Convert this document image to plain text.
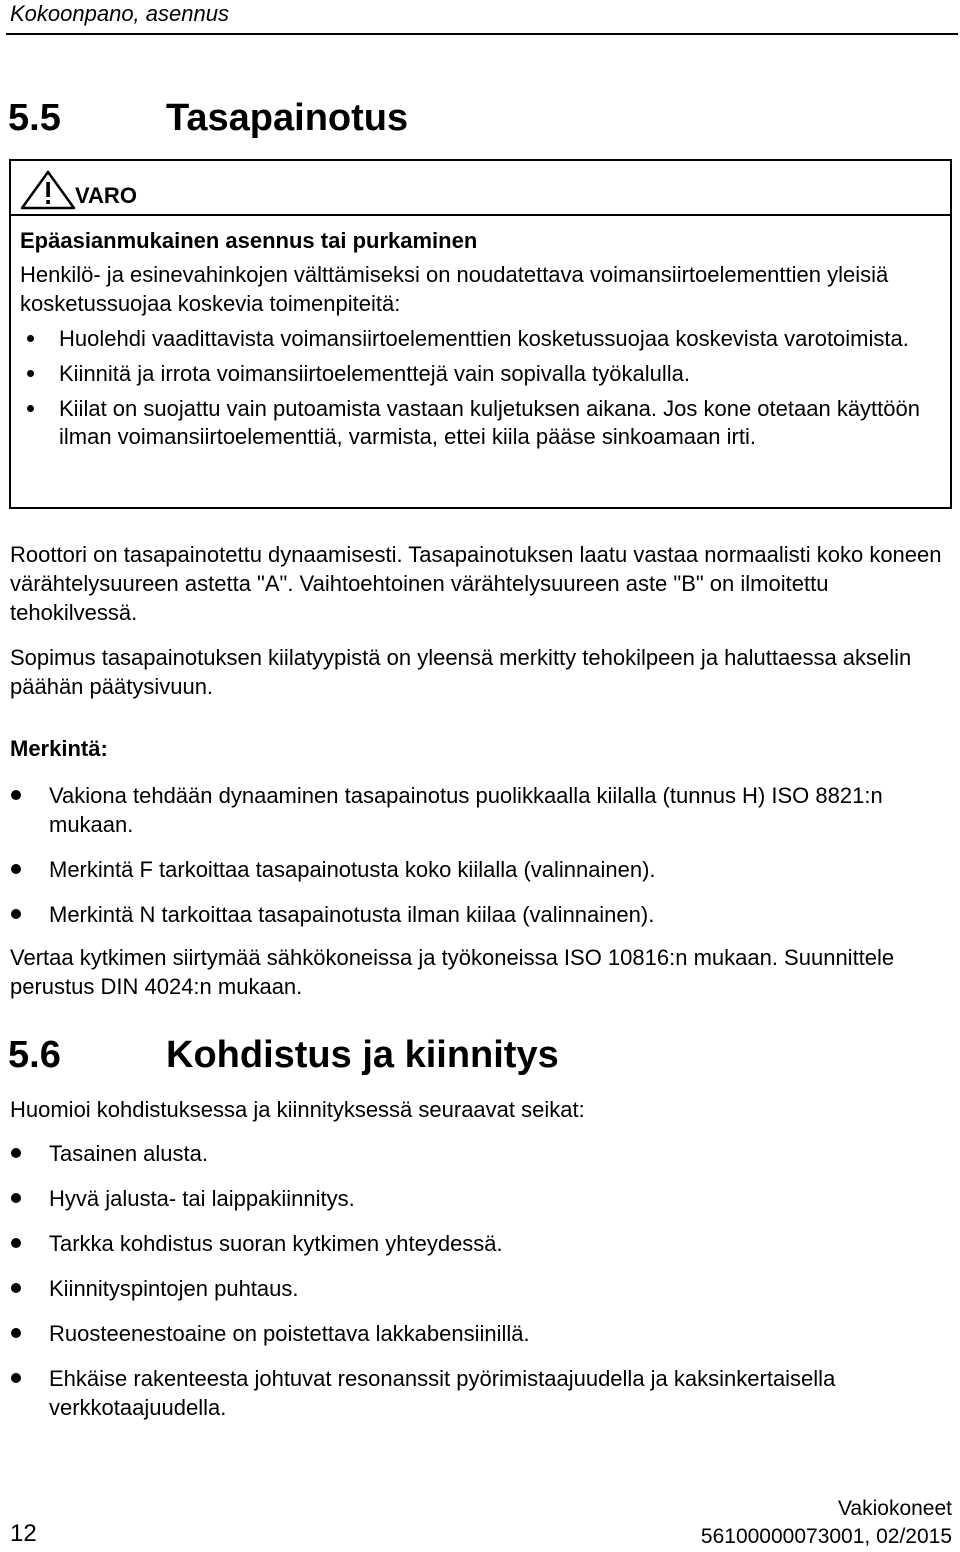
Kokoonpano, asennus
5.5	Tasapainotus
VARO
Epäasianmukainen asennus tai purkaminen
Henkilö- ja esinevahinkojen välttämiseksi on noudatettava voimansiirtoelementtien yleisiä kosketussuojaa koskevia toimenpiteitä:
Huolehdi vaadittavista voimansiirtoelementtien kosketussuojaa koskevista varotoimista.
Kiinnitä ja irrota voimansiirtoelementtejä vain sopivalla työkalulla.
Kiilat on suojattu vain putoamista vastaan kuljetuksen aikana. Jos kone otetaan käyttöön ilman voimansiirtoelementtiä, varmista, ettei kiila pääse sinkoamaan irti.

Roottori on tasapainotettu dynaamisesti. Tasapainotuksen laatu vastaa normaalisti koko koneen värähtelysuureen astetta "A". Vaihtoehtoinen värähtelysuureen aste "B" on ilmoitettu tehokilvessä.

Sopimus tasapainotuksen kiilatyypistä on yleensä merkitty tehokilpeen ja haluttaessa akselin päähän päätysivuun.

Merkintä:
Vakiona tehdään dynaaminen tasapainotus puolikkaalla kiilalla (tunnus H) ISO 8821:n mukaan.
Merkintä F tarkoittaa tasapainotusta koko kiilalla (valinnainen).
Merkintä N tarkoittaa tasapainotusta ilman kiilaa (valinnainen).

Vertaa kytkimen siirtymää sähkökoneissa ja työkoneissa ISO 10816:n mukaan. Suunnittele perustus DIN 4024:n mukaan.

5.6	Kohdistus ja kiinnitys

Huomioi kohdistuksessa ja kiinnityksessä seuraavat seikat:

Tasainen alusta.
Hyvä jalusta- tai laippakiinnitys.
Tarkka kohdistus suoran kytkimen yhteydessä.
Kiinnityspintojen puhtaus.
Ruosteenestoaine on poistettava lakkabensiinillä.
Ehkäise rakenteesta johtuvat resonanssit pyörimistaajuudella ja kaksinkertaisella verkkotaajuudella.
12
Vakiokoneet
56100000073001, 02/2015
